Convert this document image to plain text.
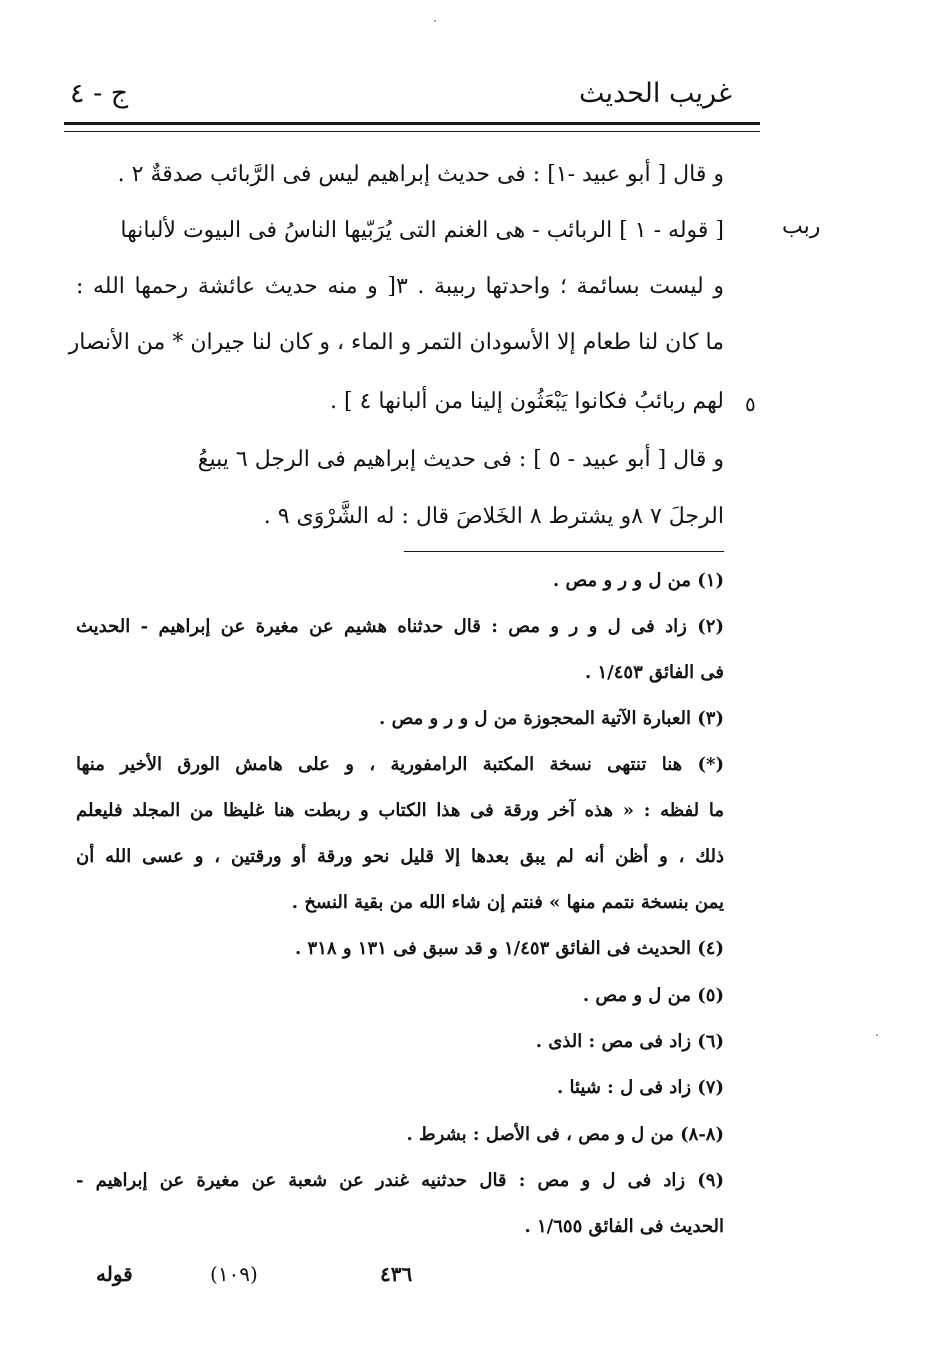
غريب الحديث
ج - ٤
ربب
٥
و قال [ أبو عبيد -١] : فى حديث إبراهيم ليس فى الرَّبائب صدقةٌ ٢ .
[ قوله - ١ ] الربائب - هى الغنم التى يُرَبّيها الناسُ فى البيوت لألبانها
و ليست بسائمة ؛ واحدتها ربيبة . ٣[ و منه حديث عائشة رحمها الله :
ما كان لنا طعام إلا الأسودان التمر و الماء ، و كان لنا جيران * من الأنصار
لهم ربائبُ فكانوا يَبْعَثُون إلينا من ألبانها ٤ ] .
و قال [ أبو عبيد - ٥ ] : فى حديث إبراهيم فى الرجل ٦ يبيعُ
الرجلَ ٧ ٨و يشترط ٨ الخَلاصَ قال : له الشَّرْوَى ٩ .
(١) من ل و ر و مص .
(٢) زاد فى ل و ر و مص : قال حدثناه هشيم عن مغيرة عن إبراهيم - الحديث
فى الفائق ١/٤٥٣ .
(٣) العبارة الآتية المحجوزة من ل و ر و مص .
(*) هنا تنتهى نسخة المكتبة الرامفورية ، و على هامش الورق الأخير منها
ما لفظه : « هذه آخر ورقة فى هذا الكتاب و ربطت هنا غليظا من المجلد فليعلم
ذلك ، و أظن أنه لم يبق بعدها إلا قليل نحو ورقة أو ورقتين ، و عسى الله أن
يمن بنسخة نتمم منها » فنتم إن شاء الله من بقية النسخ .
(٤) الحديث فى الفائق ١/٤٥٣ و قد سبق فى ١٣١ و ٣١٨ .
(٥) من ل و مص .
(٦) زاد فى مص : الذى .
(٧) زاد فى ل : شيئا .
(٨-٨) من ل و مص ، فى الأصل : بشرط .
(٩) زاد فى ل و مص : قال حدثنيه غندر عن شعبة عن مغيرة عن إبراهيم -
الحديث فى الفائق ١/٦٥٥ .
قوله	(١٠٩)	٤٣٦
